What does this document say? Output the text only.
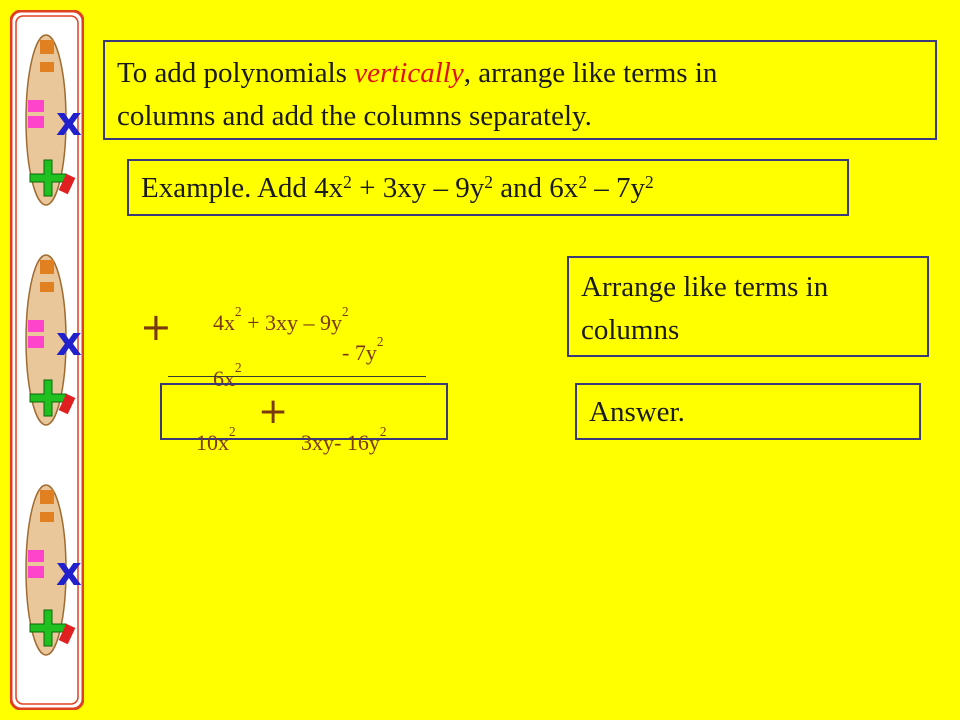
x
To add polynomials vertically, arrange like terms in
columns and add the columns separately.
Example. Add $4x^2 + 3xy - 9y^2$ and $6x^2 - 7y^2$

$4x^2 + 3xy - 9y^2$

+

$6x^2$

- $7y^2$

$10x^2$ +

3xy- $16y^2$

Arrange like terms in columns
Answer.
